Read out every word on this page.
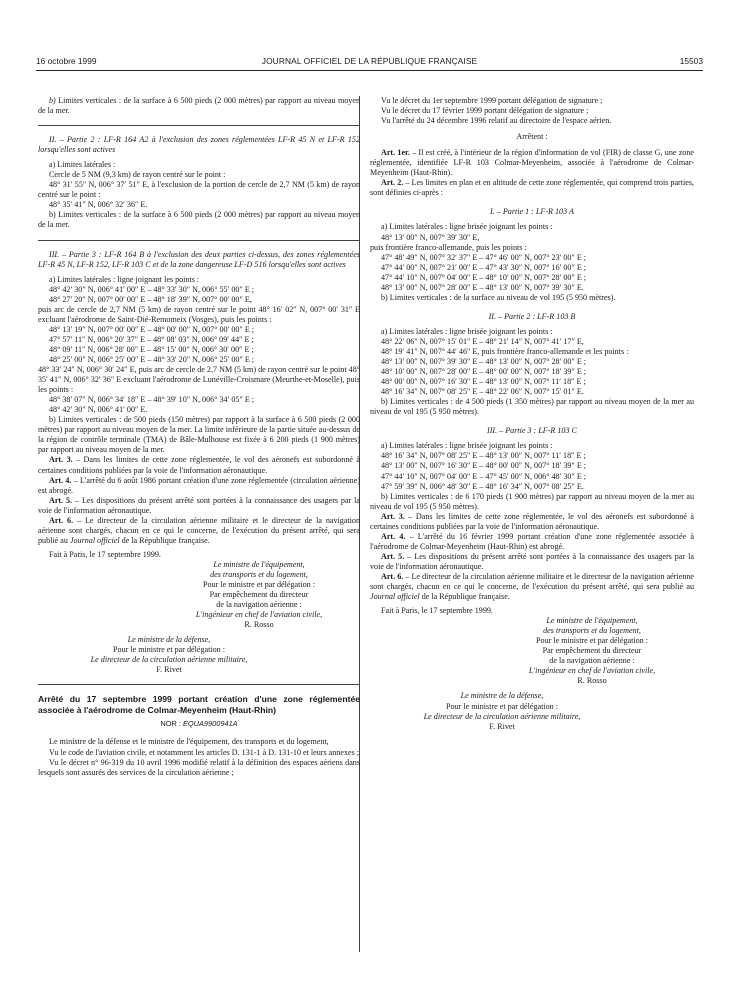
16 octobre 1999	JOURNAL OFFICIEL DE LA RÉPUBLIQUE FRANÇAISE	15503

b) Limites verticales : de la surface à 6 500 pieds (2 000 mètres) par rapport au niveau moyen de la mer.

II. – Partie 2 : LF-R 164 A2 à l'exclusion des zones réglementées LF-R 45 N et LF-R 152 lorsqu'elles sont actives

a) Limites latérales :

Cercle de 5 NM (9,3 km) de rayon centré sur le point :

48° 31′ 55″ N, 006° 37′ 51″ E, à l'exclusion de la portion de cercle de 2,7 NM (5 km) de rayon centré sur le point :

48° 35′ 41″ N, 006° 32′ 36″ E.

b) Limites verticales : de la surface à 6 500 pieds (2 000 mètres) par rapport au niveau moyen de la mer.

III. – Partie 3 : LF-R 164 B à l'exclusion des deux parties ci-dessus, des zones réglementées LF-R 45 N, LF-R 152, LF-R 103 C et de la zone dangereuse LF-D 516 lorsqu'elles sont actives

a) Limites latérales : ligne joignant les points :

48° 42′ 30″ N, 006° 41′ 00″ E – 48° 33′ 30″ N, 006° 55′ 00″ E ;

48° 27′ 20″ N, 007° 00′ 00″ E – 48° 18′ 39″ N, 007° 00′ 00″ E,

puis arc de cercle de 2,7 NM (5 km) de rayon centré sur le point 48° 16′ 02″ N, 007° 00′ 31″ E excluant l'aérodrome de Saint-Dié-Remomeix (Vosges), puis les points :

48° 13′ 19″ N, 007° 00′ 00″ E – 48° 00′ 00″ N, 007° 00′ 00″ E ;

47° 57′ 11″ N, 006° 20′ 37″ E – 48° 08′ 03″ N, 006° 09′ 44″ E ;

48° 09′ 11″ N, 006° 28′ 00″ E – 48° 15′ 00″ N, 006° 30′ 00″ E ;

48° 25′ 00″ N, 006° 25′ 00″ E – 48° 33′ 20″ N, 006° 25′ 00″ E ;

48° 33′ 24″ N, 006° 30′ 24″ E, puis arc de cercle de 2,7 NM (5 km) de rayon centré sur le point 48° 35′ 41″ N, 006° 32′ 36″ E excluant l'aérodrome de Lunéville-Croismare (Meurthe-et-Moselle), puis les points :

48° 38′ 07″ N, 006° 34′ 18″ E – 48° 39′ 10″ N, 006° 34′ 05″ E ;

48° 42′ 30″ N, 006° 41′ 00″ E.

b) Limites verticales : de 500 pieds (150 mètres) par rapport à la surface à 6 500 pieds (2 000 mètres) par rapport au niveau moyen de la mer. La limite inférieure de la partie située au-dessus de la région de contrôle terminale (TMA) de Bâle-Mulhouse est fixée à 6 200 pieds (1 900 mètres) par rapport au niveau moyen de la mer.

Art. 3. – Dans les limites de cette zone réglementée, le vol des aéronefs est subordonné à certaines conditions publiées par la voie de l'information aéronautique.

Art. 4. – L'arrêté du 6 août 1986 portant création d'une zone réglementée (circulation aérienne) est abrogé.

Art. 5. – Les dispositions du présent arrêté sont portées à la connaissance des usagers par la voie de l'information aéronautique.

Art. 6. – Le directeur de la circulation aérienne militaire et le directeur de la navigation aérienne sont chargés, chacun en ce qui le concerne, de l'exécution du présent arrêté, qui sera publié au Journal officiel de la République française.

Fait à Paris, le 17 septembre 1999.

Le ministre de l'équipement,

des transports et du logement,

Pour le ministre et par délégation :

Par empêchement du directeur

de la navigation aérienne :

L'ingénieur en chef de l'aviation civile,

R. Rosso

Le ministre de la défense,

Pour le ministre et par délégation :

Le directeur de la circulation aérienne militaire,

F. Rivet

Arrêté du 17 septembre 1999 portant création d'une zone réglementée associée à l'aérodrome de Colmar-Meyenheim (Haut-Rhin)

NOR : EQUA9900941A

Le ministre de la défense et le ministre de l'équipement, des transports et du logement,

Vu le code de l'aviation civile, et notamment les articles D. 131-1 à D. 131-10 et leurs annexes ;

Vu le décret n° 96-319 du 10 avril 1996 modifié relatif à la définition des espaces aériens dans lesquels sont assurés des services de la circulation aérienne ;

Vu le décret du 1er septembre 1999 portant délégation de signature ;

Vu le décret du 17 février 1999 portant délégation de signature ;

Vu l'arrêté du 24 décembre 1996 relatif au directoire de l'espace aérien.

Arrêtent :

Art. 1er. – Il est créé, à l'intérieur de la région d'information de vol (FIR) de classe G, une zone réglementée, identifiée LF-R 103 Colmar-Meyenheim, associée à l'aérodrome de Colmar-Meyenheim (Haut-Rhin).

Art. 2. – Les limites en plan et en altitude de cette zone réglementée, qui comprend trois parties, sont définies ci-après :

I. – Partie 1 : LF-R 103 A

a) Limites latérales : ligne brisée joignant les points :

48° 13′ 00″ N, 007° 39′ 30″ E,

puis frontière franco-allemande, puis les points :

47° 48′ 49″ N, 007° 32′ 37″ E – 47° 46′ 00″ N, 007° 23′ 00″ E ;

47° 44′ 00″ N, 007° 21′ 00″ E – 47° 43′ 30″ N, 007° 16′ 00″ E ;

47° 44′ 10″ N, 007° 04′ 00″ E – 48° 10′ 00″ N, 007° 28′ 00″ E ;

48° 13′ 00″ N, 007° 28′ 00″ E – 48° 13′ 00″ N, 007° 39′ 30″ E.

b) Limites verticales : de la surface au niveau de vol 195 (5 950 mètres).

II. – Partie 2 : LF-R 103 B

a) Limites latérales : ligne brisée joignant les points :

48° 22′ 06″ N, 007° 15′ 01″ E – 48° 21′ 14″ N, 007° 41′ 17″ E,

48° 19′ 41″ N, 007° 44′ 46″ E, puis frontière franco-allemande et les points :

48° 13′ 00″ N, 007° 39′ 30″ E – 48° 13′ 00″ N, 007° 28′ 00″ E ;

48° 10′ 00″ N, 007° 28′ 00″ E – 48° 00′ 00″ N, 007° 18′ 39″ E ;

48° 00′ 00″ N, 007° 16′ 30″ E – 48° 13′ 00″ N, 007° 11′ 18″ E ;

48° 16′ 34″ N, 007° 08′ 25″ E – 48° 22′ 06″ N, 007° 15′ 01″ E.

b) Limites verticales : de 4 500 pieds (1 350 mètres) par rapport au niveau moyen de la mer au niveau de vol 195 (5 950 mètres).

III. – Partie 3 : LF-R 103 C

a) Limites latérales : ligne brisée joignant les points :

48° 16′ 34″ N, 007° 08′ 25″ E – 48° 13′ 00″ N, 007° 11′ 18″ E ;

48° 13′ 00″ N, 007° 16′ 30″ E – 48° 00′ 00″ N, 007° 18′ 39″ E ;

47° 44′ 10″ N, 007° 04′ 00″ E – 47° 45′ 00″ N, 006° 48′ 30″ E ;

47° 59′ 39″ N, 006° 48′ 30″ E – 48° 16′ 34″ N, 007° 08′ 25″ E.

b) Limites verticales : de 6 170 pieds (1 900 mètres) par rapport au niveau moyen de la mer au niveau de vol 195 (5 950 mètres).

Art. 3. – Dans les limites de cette zone réglementée, le vol des aéronefs est subordonné à certaines conditions publiées par la voie de l'information aéronautique.

Art. 4. – L'arrêté du 16 février 1999 portant création d'une zone réglementée associée à l'aérodrome de Colmar-Meyenheim (Haut-Rhin) est abrogé.

Art. 5. – Les dispositions du présent arrêté sont portées à la connaissance des usagers par la voie de l'information aéronautique.

Art. 6. – Le directeur de la circulation aérienne militaire et le directeur de la navigation aérienne sont chargés, chacun en ce qui le concerne, de l'exécution du présent arrêté, qui sera publié au Journal officiel de la République française.

Fait à Paris, le 17 septembre 1999.

Le ministre de l'équipement,

des transports et du logement,

Pour le ministre et par délégation :

Par empêchement du directeur

de la navigation aérienne :

L'ingénieur en chef de l'aviation civile,

R. Rosso

Le ministre de la défense,

Pour le ministre et par délégation :

Le directeur de la circulation aérienne militaire,

F. Rivet
